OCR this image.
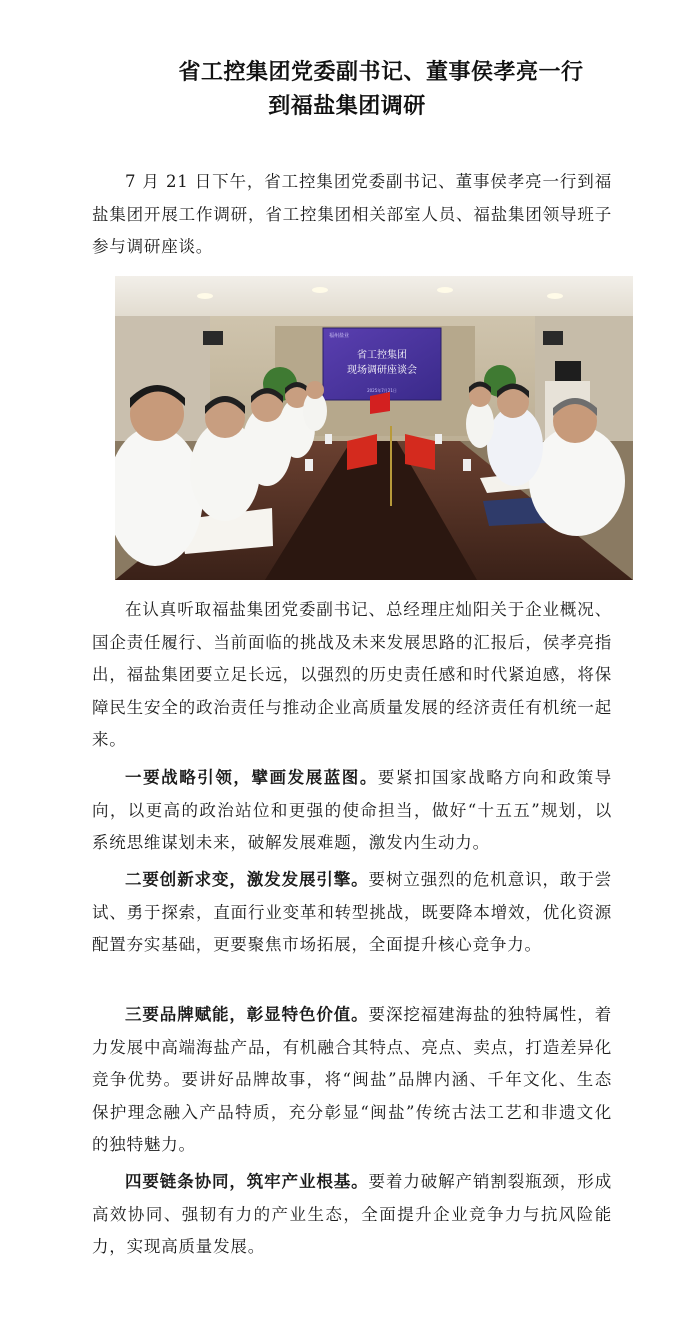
省工控集团党委副书记、董事侯孝亮一行
到福盐集团调研

7 月 21 日下午，省工控集团党委副书记、董事侯孝亮一行到福盐集团开展工作调研，省工控集团相关部室人员、福盐集团领导班子参与调研座谈。

福州盐业
省工控集团
现场调研座谈会
2025年7月21日

在认真听取福盐集团党委副书记、总经理庄灿阳关于企业概况、国企责任履行、当前面临的挑战及未来发展思路的汇报后，侯孝亮指出，福盐集团要立足长远，以强烈的历史责任感和时代紧迫感，将保障民生安全的政治责任与推动企业高质量发展的经济责任有机统一起来。

一要战略引领，擘画发展蓝图。要紧扣国家战略方向和政策导向，以更高的政治站位和更强的使命担当，做好“十五五”规划，以系统思维谋划未来，破解发展难题，激发内生动力。

二要创新求变，激发发展引擎。要树立强烈的危机意识，敢于尝试、勇于探索，直面行业变革和转型挑战，既要降本增效，优化资源配置夯实基础，更要聚焦市场拓展，全面提升核心竞争力。

三要品牌赋能，彰显特色价值。要深挖福建海盐的独特属性，着力发展中高端海盐产品，有机融合其特点、亮点、卖点，打造差异化竞争优势。要讲好品牌故事，将“闽盐”品牌内涵、千年文化、生态保护理念融入产品特质，充分彰显“闽盐”传统古法工艺和非遗文化的独特魅力。

四要链条协同，筑牢产业根基。要着力破解产销割裂瓶颈，形成高效协同、强韧有力的产业生态，全面提升企业竞争力与抗风险能力，实现高质量发展。
